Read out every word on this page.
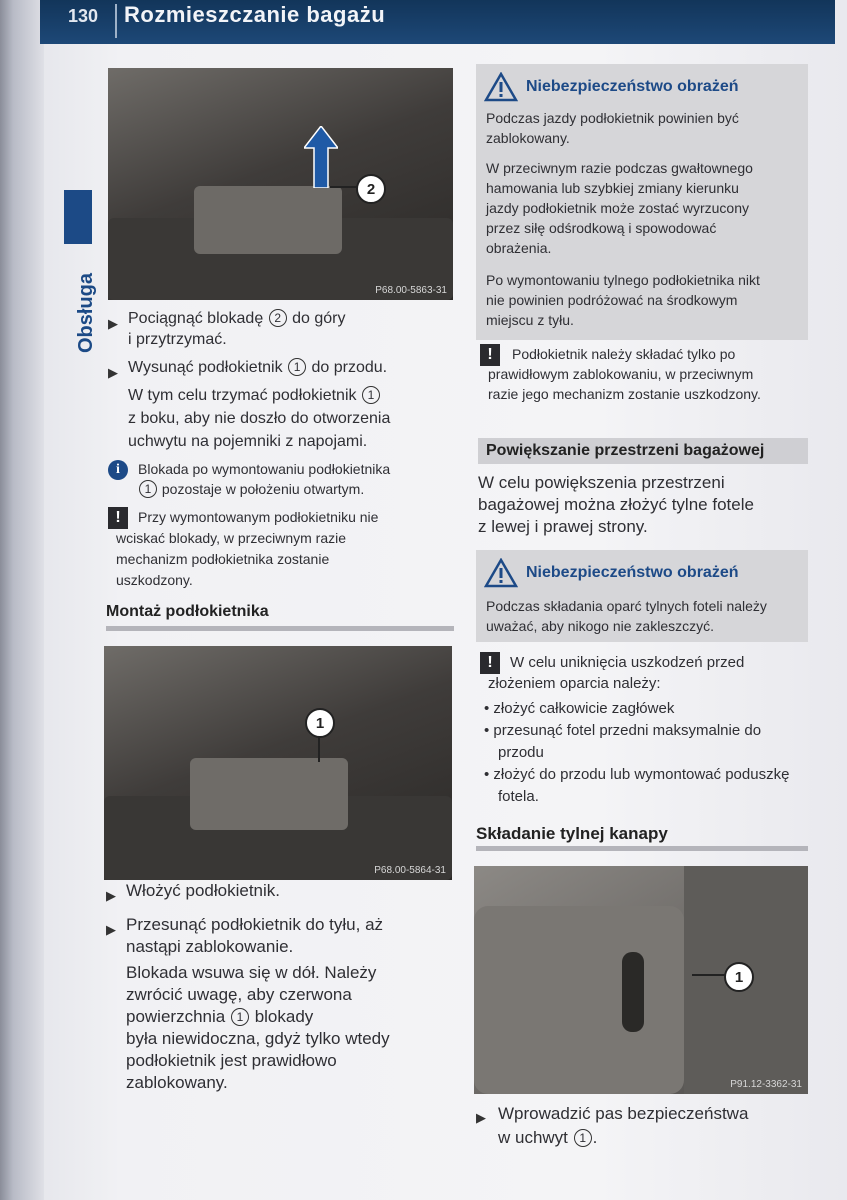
130 Rozmieszczanie bagażu
Obsługa
2
P68.00-5863-31
▶ Pociągnąć blokadę 2 do góry
i przytrzymać.
▶ Wysunąć podłokietnik 1 do przodu.
W tym celu trzymać podłokietnik 1
z boku, aby nie doszło do otworzenia
uchwytu na pojemniki z napojami.
i	Blokada po wymontowaniu podłokietnika
1 pozostaje w położeniu otwartym.
!	Przy wymontowanym podłokietniku nie
wciskać blokady, w przeciwnym razie
mechanizm podłokietnika zostanie
uszkodzony.
Montaż podłokietnika
1
P68.00-5864-31
▶ Włożyć podłokietnik.
▶ Przesunąć podłokietnik do tyłu, aż
nastąpi zablokowanie.
Blokada wsuwa się w dół. Należy
zwrócić uwagę, aby czerwona
powierzchnia 1 blokady
była niewidoczna, gdyż tylko wtedy
podłokietnik jest prawidłowo
zablokowany.
Niebezpieczeństwo obrażeń
Podczas jazdy podłokietnik powinien być
zablokowany.
W przeciwnym razie podczas gwałtownego
hamowania lub szybkiej zmiany kierunku
jazdy podłokietnik może zostać wyrzucony
przez siłę odśrodkową i spowodować
obrażenia.
Po wymontowaniu tylnego podłokietnika nikt
nie powinien podróżować na środkowym
miejscu z tyłu.
!	Podłokietnik należy składać tylko po
prawidłowym zablokowaniu, w przeciwnym
razie jego mechanizm zostanie uszkodzony.
Powiększanie przestrzeni bagażowej
W celu powiększenia przestrzeni
bagażowej można złożyć tylne fotele
z lewej i prawej strony.
Niebezpieczeństwo obrażeń
Podczas składania oparć tylnych foteli należy
uważać, aby nikogo nie zakleszczyć.
!	W celu uniknięcia uszkodzeń przed
złożeniem oparcia należy:
• złożyć całkowicie zagłówek
• przesunąć fotel przedni maksymalnie do
przodu
• złożyć do przodu lub wymontować poduszkę
fotela.
Składanie tylnej kanapy
1
P91.12-3362-31
▶ Wprowadzić pas bezpieczeństwa
w uchwyt 1 .
